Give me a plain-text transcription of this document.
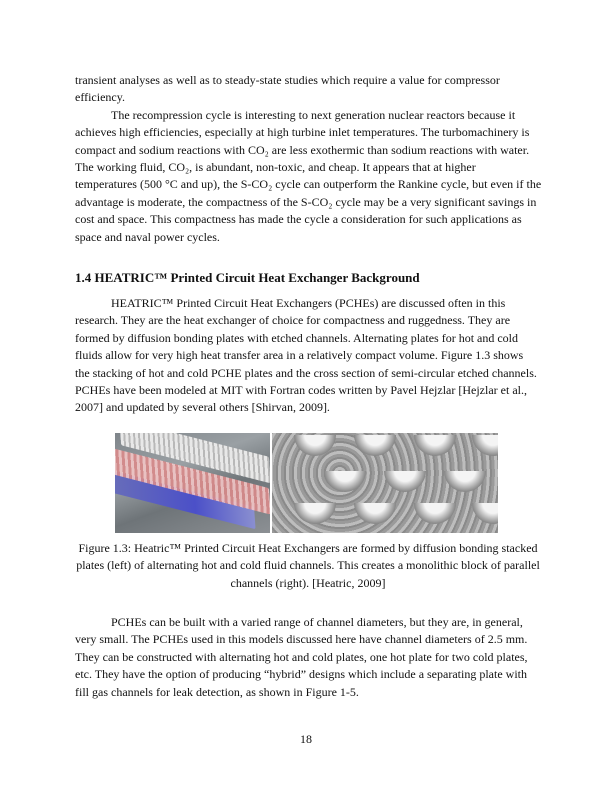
transient analyses as well as to steady-state studies which require a value for compressor
efficiency.
The recompression cycle is interesting to next generation nuclear reactors because it
achieves high efficiencies, especially at high turbine inlet temperatures. The turbomachinery is
compact and sodium reactions with CO₂ are less exothermic than sodium reactions with water.
The working fluid, CO₂, is abundant, non-toxic, and cheap. It appears that at higher
temperatures (500 °C and up), the S-CO₂ cycle can outperform the Rankine cycle, but even if the
advantage is moderate, the compactness of the S-CO₂ cycle may be a very significant savings in
cost and space. This compactness has made the cycle a consideration for such applications as
space and naval power cycles.
1.4 HEATRIC™ Printed Circuit Heat Exchanger Background
HEATRIC™ Printed Circuit Heat Exchangers (PCHEs) are discussed often in this
research. They are the heat exchanger of choice for compactness and ruggedness. They are
formed by diffusion bonding plates with etched channels. Alternating plates for hot and cold
fluids allow for very high heat transfer area in a relatively compact volume. Figure 1.3 shows
the stacking of hot and cold PCHE plates and the cross section of semi-circular etched channels.
PCHEs have been modeled at MIT with Fortran codes written by Pavel Hejzlar [Hejzlar et al.,
2007] and updated by several others [Shirvan, 2009].
Figure 1.3: Heatric™ Printed Circuit Heat Exchangers are formed by diffusion bonding stacked
plates (left) of alternating hot and cold fluid channels. This creates a monolithic block of parallel
channels (right). [Heatric, 2009]
PCHEs can be built with a varied range of channel diameters, but they are, in general,
very small. The PCHEs used in this models discussed here have channel diameters of 2.5 mm.
They can be constructed with alternating hot and cold plates, one hot plate for two cold plates,
etc. They have the option of producing “hybrid” designs which include a separating plate with
fill gas channels for leak detection, as shown in Figure 1-5.
18
